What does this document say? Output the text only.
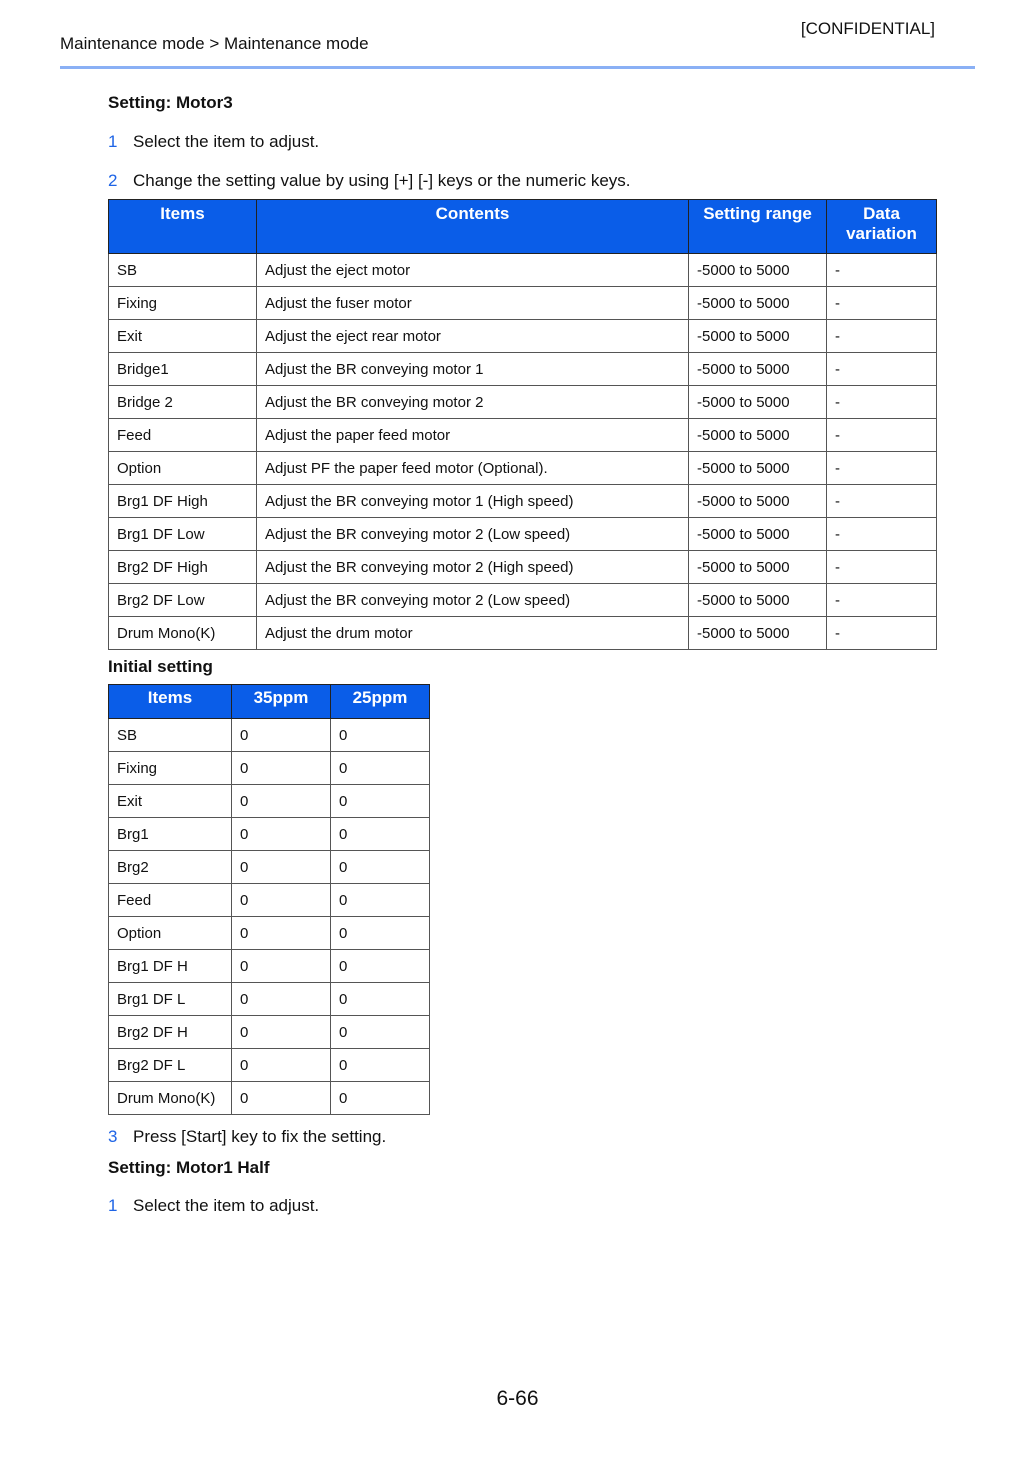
[CONFIDENTIAL]
Maintenance mode > Maintenance mode

Setting: Motor3

1 Select the item to adjust.
2 Change the setting value by using [+] [-] keys or the numeric keys.
Items	Contents	Setting range	Data variation
SB	Adjust the eject motor	-5000 to 5000	-
Fixing	Adjust the fuser motor	-5000 to 5000	-
Exit	Adjust the eject rear motor	-5000 to 5000	-
Bridge1	Adjust the BR conveying motor 1	-5000 to 5000	-
Bridge 2	Adjust the BR conveying motor 2	-5000 to 5000	-
Feed	Adjust the paper feed motor	-5000 to 5000	-
Option	Adjust PF the paper feed motor (Optional).	-5000 to 5000	-
Brg1 DF High	Adjust the BR conveying motor 1 (High speed)	-5000 to 5000	-
Brg1 DF Low	Adjust the BR conveying motor 2 (Low speed)	-5000 to 5000	-
Brg2 DF High	Adjust the BR conveying motor 2 (High speed)	-5000 to 5000	-
Brg2 DF Low	Adjust the BR conveying motor 2 (Low speed)	-5000 to 5000	-
Drum Mono(K)	Adjust the drum motor	-5000 to 5000	-

Initial setting

Items	35ppm	25ppm
SB	0	0
Fixing	0	0
Exit	0	0
Brg1	0	0
Brg2	0	0
Feed	0	0
Option	0	0
Brg1 DF H	0	0
Brg1 DF L	0	0
Brg2 DF H	0	0
Brg2 DF L	0	0
Drum Mono(K)	0	0
3 Press [Start] key to fix the setting.

Setting: Motor1 Half

1 Select the item to adjust.
6-66
